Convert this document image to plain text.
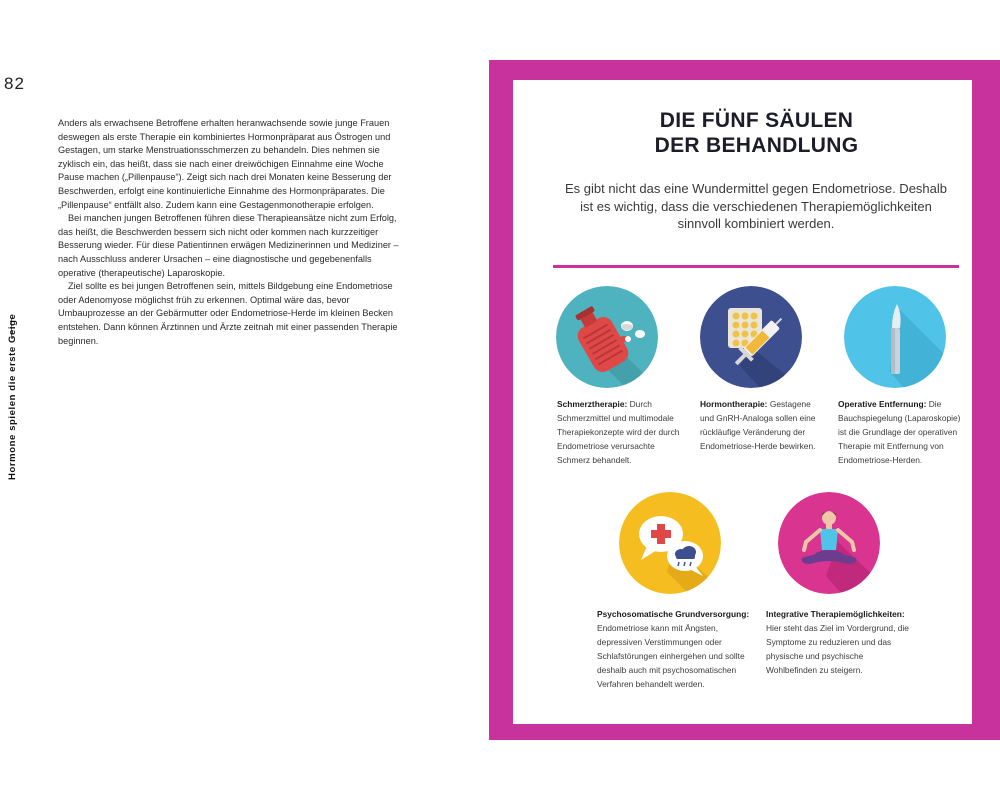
82
Hormone spielen die erste Geige

Anders als erwachsene Betroffene erhalten heranwachsende sowie junge Frauen deswegen als erste Therapie ein kombiniertes Hormonpräparat aus Östrogen und Gestagen, um starke Menstruationsschmerzen zu behandeln. Dies nehmen sie zyklisch ein, das heißt, dass sie nach einer dreiwöchigen Einnahme eine Woche Pause machen („Pillenpause“). Zeigt sich nach drei Monaten keine Besserung der Beschwerden, erfolgt eine kontinuierliche Einnahme des Hormonpräparates. Die „Pillenpause“ entfällt also. Zudem kann eine Gestagenmonotherapie erfolgen.

Bei manchen jungen Betroffenen führen diese Therapieansätze nicht zum Erfolg, das heißt, die Beschwerden bessern sich nicht oder kommen nach kurzzeitiger Besserung wieder. Für diese Patientinnen erwägen Medizinerinnen und Mediziner – nach Ausschluss anderer Ursachen – eine diagnostische und gegebenenfalls operative (therapeutische) Laparoskopie.

Ziel sollte es bei jungen Betroffenen sein, mittels Bildgebung eine Endometriose oder Adenomyose möglichst früh zu erkennen. Optimal wäre das, bevor Umbauprozesse an der Gebärmutter oder Endometriose-Herde im kleinen Becken entstehen. Dann können Ärztinnen und Ärzte zeitnah mit einer passenden Therapie beginnen.

DIE FÜNF SÄULEN
DER BEHANDLUNG
Es gibt nicht das eine Wundermittel gegen Endometriose. Deshalb ist es wichtig, dass die verschiedenen Therapiemöglichkeiten sinnvoll kombiniert werden.
Schmerztherapie: Durch Schmerzmittel und multimodale Therapiekonzepte wird der durch Endometriose verursachte Schmerz behandelt.
Hormontherapie: Gestagene und GnRH-Analoga sollen eine rückläufige Veränderung der Endometriose-Herde bewirken.
Operative Entfernung: Die Bauchspiegelung (Laparoskopie) ist die Grundlage der operativen Therapie mit Entfernung von Endometriose-Herden.
Psychosomatische Grundversorgung:
Endometriose kann mit Ängsten, depressiven Verstimmungen oder Schlafstörungen einhergehen und sollte deshalb auch mit psychosomatischen Verfahren behandelt werden.
Integrative Therapiemöglichkeiten:
Hier steht das Ziel im Vordergrund, die Symptome zu reduzieren und das physische und psychische Wohlbefinden zu steigern.
